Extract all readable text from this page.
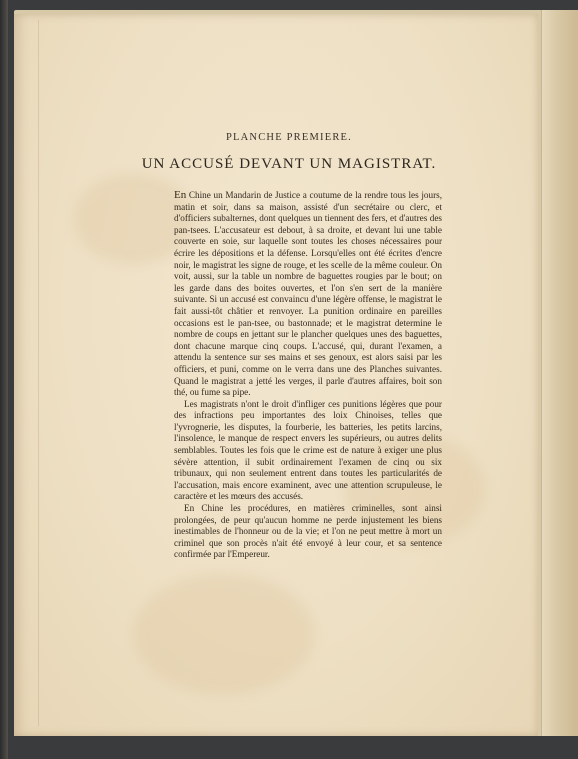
PLANCHE PREMIERE.
UN ACCUSÉ DEVANT UN MAGISTRAT.

En Chine un Mandarin de Justice a coutume de la rendre tous les jours, matin et soir, dans sa maison, assisté d'un secrétaire ou clerc, et d'officiers subalternes, dont quelques un tiennent des fers, et d'autres des pan-tsees. L'accusateur est debout, à sa droite, et devant lui une table couverte en soie, sur laquelle sont toutes les choses nécessaires pour écrire les dépositions et la défense. Lorsqu'elles ont été écrites d'encre noir, le magistrat les signe de rouge, et les scelle de la même couleur. On voit, aussi, sur la table un nombre de baguettes rougies par le bout; on les garde dans des boites ouvertes, et l'on s'en sert de la manière suivante. Si un accusé est convaincu d'une légère offense, le magistrat le fait aussi-tôt châtier et renvoyer. La punition ordinaire en pareilles occasions est le pan-tsee, ou bastonnade; et le magistrat determine le nombre de coups en jettant sur le plancher quelques unes des baguettes, dont chacune marque cinq coups. L'accusé, qui, durant l'examen, a attendu la sentence sur ses mains et ses genoux, est alors saisi par les officiers, et puni, comme on le verra dans une des Planches suivantes. Quand le magistrat a jetté les verges, il parle d'autres affaires, boit son thé, ou fume sa pipe.

Les magistrats n'ont le droit d'infliger ces punitions légères que pour des infractions peu importantes des loix Chinoises, telles que l'yvrognerie, les disputes, la fourberie, les batteries, les petits larcins, l'insolence, le manque de respect envers les supérieurs, ou autres delits semblables. Toutes les fois que le crime est de nature à exiger une plus sévère attention, il subit ordinairement l'examen de cinq ou six tribunaux, qui non seulement entrent dans toutes les particularités de l'accusation, mais encore examinent, avec une attention scrupuleuse, le caractère et les mœurs des accusés.

En Chine les procédures, en matières criminelles, sont ainsi prolongées, de peur qu'aucun homme ne perde injustement les biens inestimables de l'honneur ou de la vie; et l'on ne peut mettre à mort un criminel que son procès n'ait été envoyé à leur cour, et sa sentence confirmée par l'Empereur.
